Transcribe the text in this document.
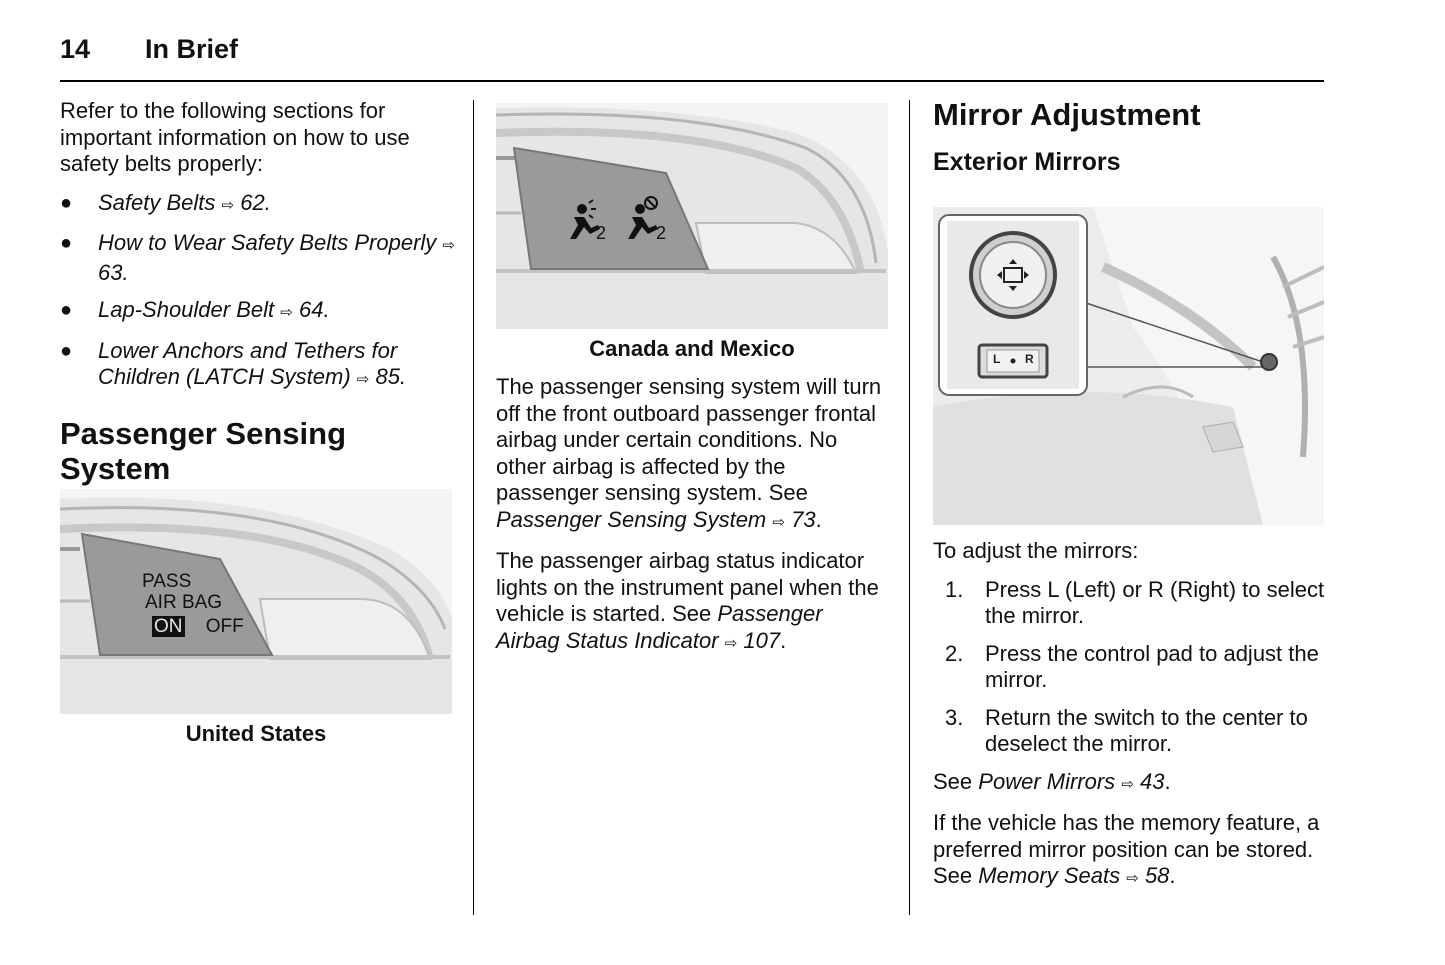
14 In Brief

Refer to the following sections for important information on how to use safety belts properly:

● Safety Belts ⇨ 62.
● How to Wear Safety Belts Properly ⇨ 63.
● Lap-Shoulder Belt ⇨ 64.
● Lower Anchors and Tethers for Children (LATCH System) ⇨ 85.
Passenger Sensing System
PASS
AIR BAG
ON OFF
United States
2	2
Canada and Mexico

The passenger sensing system will turn off the front outboard passenger frontal airbag under certain conditions. No other airbag is affected by the passenger sensing system. See Passenger Sensing System ⇨ 73.

The passenger airbag status indicator lights on the instrument panel when the vehicle is started. See Passenger Airbag Status Indicator ⇨ 107.

Mirror Adjustment
Exterior Mirrors
L R

To adjust the mirrors:

1. Press L (Left) or R (Right) to select the mirror.
2. Press the control pad to adjust the mirror.
3. Return the switch to the center to deselect the mirror.

See Power Mirrors ⇨ 43.

If the vehicle has the memory feature, a preferred mirror position can be stored. See Memory Seats ⇨ 58.
